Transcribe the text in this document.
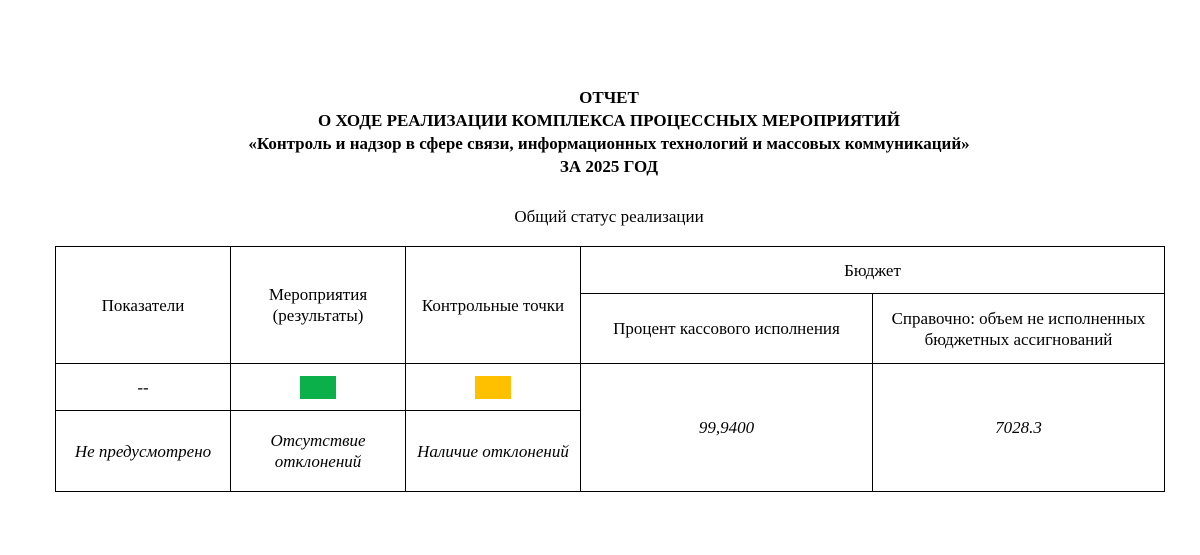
ОТЧЕТ
О ХОДЕ РЕАЛИЗАЦИИ КОМПЛЕКСА ПРОЦЕССНЫХ МЕРОПРИЯТИЙ
«Контроль и надзор в сфере связи, информационных технологий и массовых коммуникаций»
ЗА 2025 ГОД
Общий статус реализации
Показатели	Мероприятия (результаты)	Контрольные точки	Бюджет	
			Процент кассового исполнения	Справочно: объем не исполненных бюджетных ассигнований
--			99,9400	7028.3
Не предусмотрено	Отсутствие отклонений	Наличие отклонений		
